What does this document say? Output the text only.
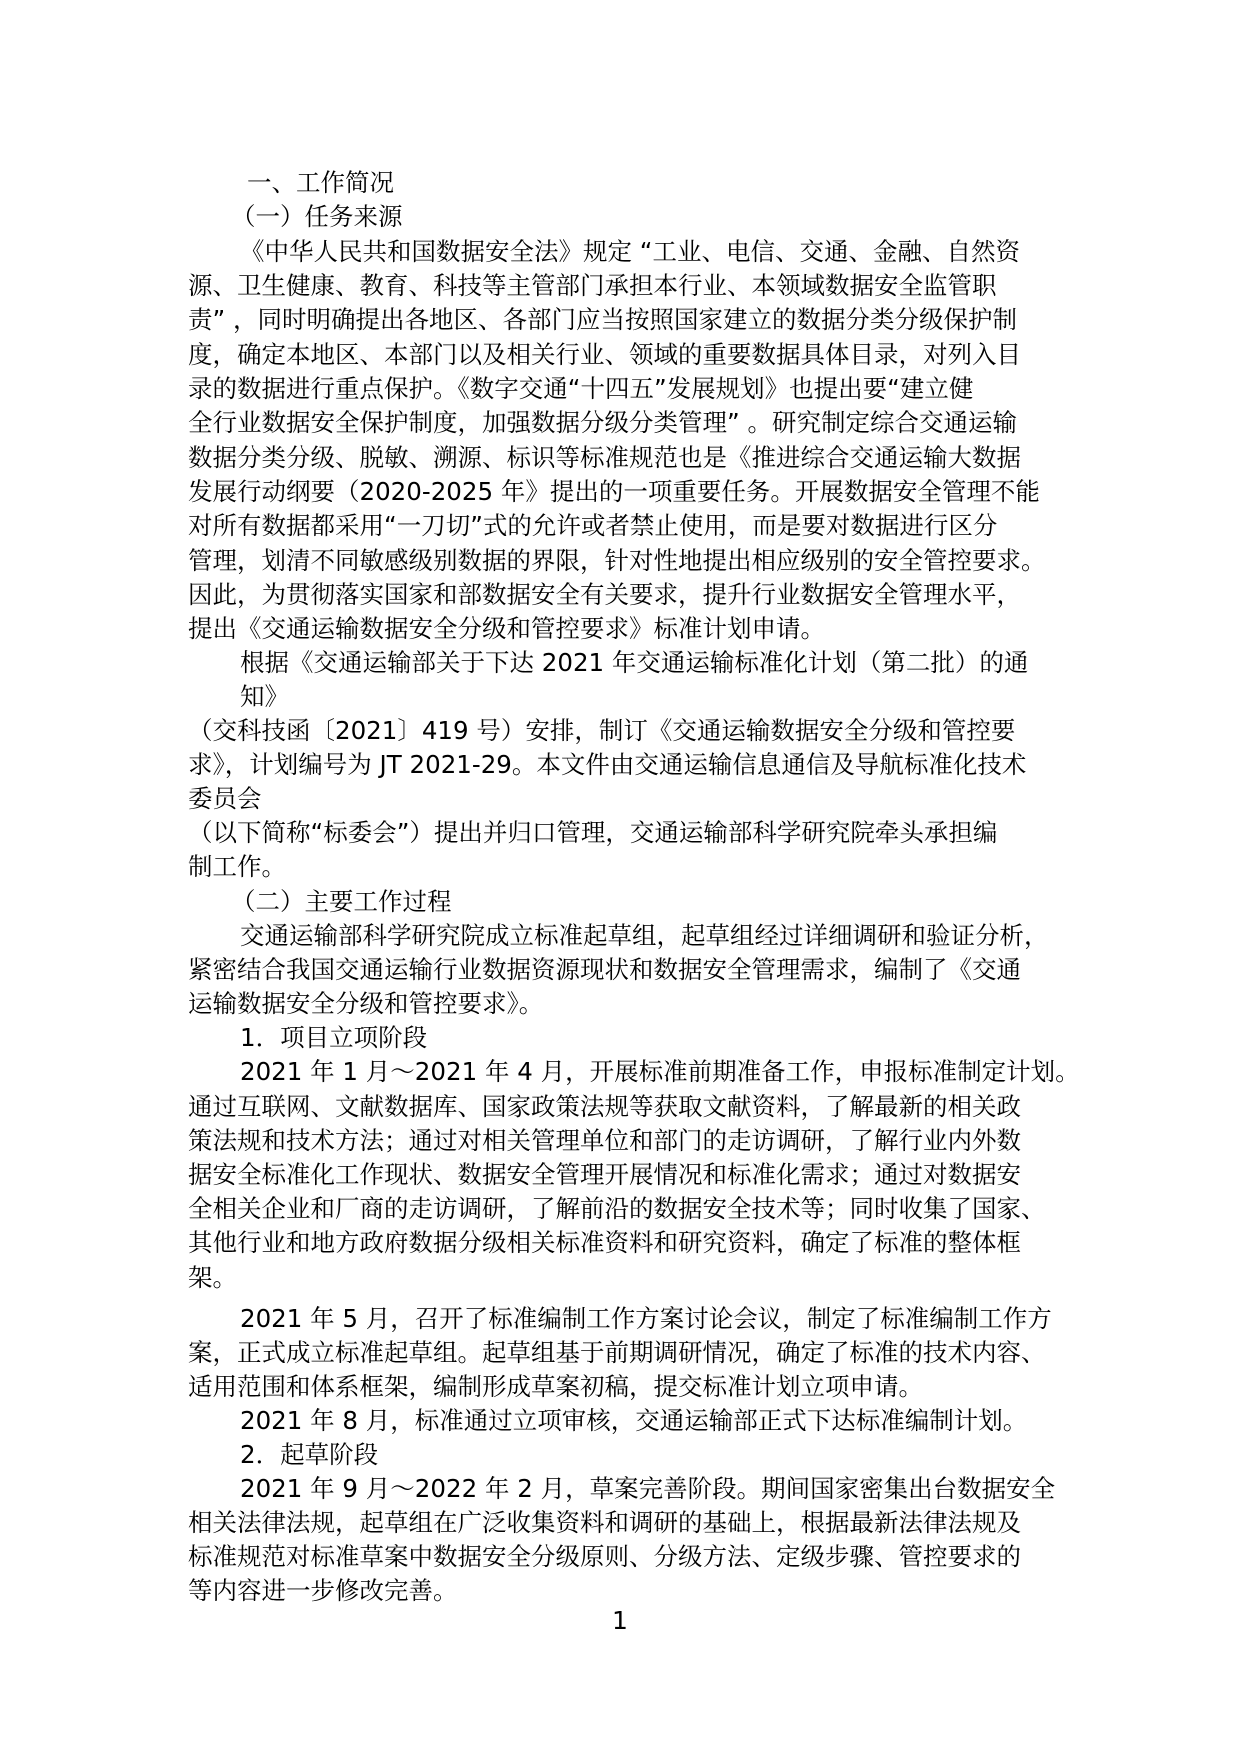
一、工作简况
（一）任务来源
《中华人民共和国数据安全法》规定 “工业、电信、交通、金融、自然资
源、卫生健康、教育、科技等主管部门承担本行业、本领域数据安全监管职
责” ，同时明确提出各地区、各部门应当按照国家建立的数据分类分级保护制
度，确定本地区、本部门以及相关行业、领域的重要数据具体目录，对列入目
录的数据进行重点保护。《数字交通“十四五”发展规划》也提出要“建立健
全行业数据安全保护制度，加强数据分级分类管理” 。研究制定综合交通运输
数据分类分级、脱敏、溯源、标识等标准规范也是《推进综合交通运输大数据
发展行动纲要（2020-2025 年》提出的一项重要任务。开展数据安全管理不能
对所有数据都采用“一刀切”式的允许或者禁止使用，而是要对数据进行区分
管理，划清不同敏感级别数据的界限，针对性地提出相应级别的安全管控要求。
因此，为贯彻落实国家和部数据安全有关要求，提升行业数据安全管理水平，
提出《交通运输数据安全分级和管控要求》标准计划申请。
根据《交通运输部关于下达 2021 年交通运输标准化计划（第二批）的通
知》
（交科技函〔2021〕419 号）安排，制订《交通运输数据安全分级和管控要
求》，计划编号为 JT 2021-29。本文件由交通运输信息通信及导航标准化技术
委员会
（以下简称“标委会”）提出并归口管理，交通运输部科学研究院牵头承担编
制工作。
（二）主要工作过程
交通运输部科学研究院成立标准起草组，起草组经过详细调研和验证分析，
紧密结合我国交通运输行业数据资源现状和数据安全管理需求，编制了《交通
运输数据安全分级和管控要求》。
1．项目立项阶段
2021 年 1 月～2021 年 4 月，开展标准前期准备工作，申报标准制定计划。
通过互联网、文献数据库、国家政策法规等获取文献资料，了解最新的相关政
策法规和技术方法；通过对相关管理单位和部门的走访调研，了解行业内外数
据安全标准化工作现状、数据安全管理开展情况和标准化需求；通过对数据安
全相关企业和厂商的走访调研，了解前沿的数据安全技术等；同时收集了国家、
其他行业和地方政府数据分级相关标准资料和研究资料，确定了标准的整体框
架。
2021 年 5 月，召开了标准编制工作方案讨论会议，制定了标准编制工作方
案，正式成立标准起草组。起草组基于前期调研情况，确定了标准的技术内容、
适用范围和体系框架，编制形成草案初稿，提交标准计划立项申请。
2021 年 8 月，标准通过立项审核，交通运输部正式下达标准编制计划。
2．起草阶段
2021 年 9 月～2022 年 2 月，草案完善阶段。期间国家密集出台数据安全
相关法律法规，起草组在广泛收集资料和调研的基础上，根据最新法律法规及
标准规范对标准草案中数据安全分级原则、分级方法、定级步骤、管控要求的
等内容进一步修改完善。
1
